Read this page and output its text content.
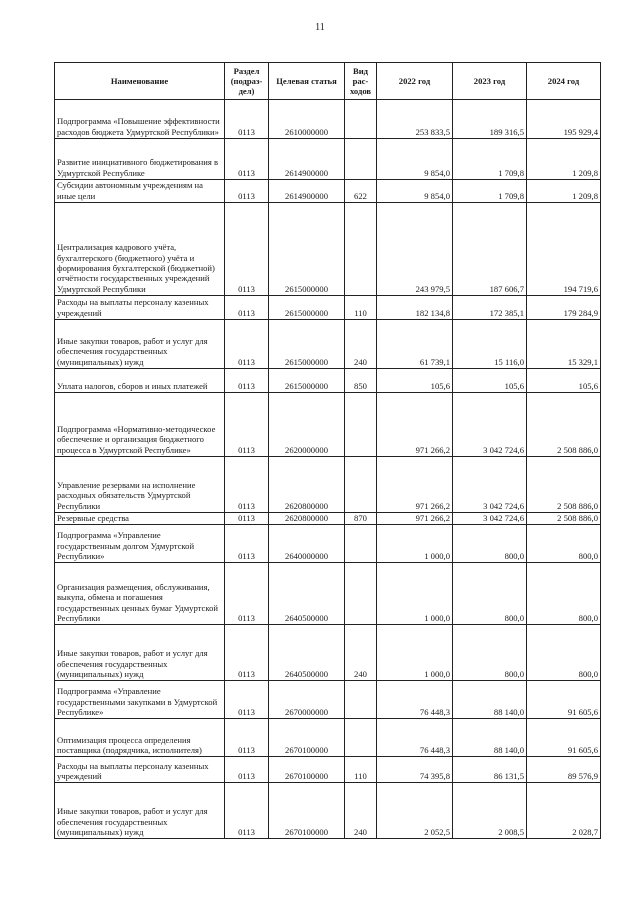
11
Наименование	Раздел (подраз-дел)	Целевая статья	Вид рас-ходов	2022 год	2023 год	2024 год
Подпрограмма «Повышение эффективности расходов бюджета Удмуртской Республики»	0113	2610000000		253 833,5	189 316,5	195 929,4
Развитие инициативного бюджетирования в Удмуртской Республике	0113	2614900000		9 854,0	1 709,8	1 209,8
Субсидии автономным учреждениям на иные цели	0113	2614900000	622	9 854,0	1 709,8	1 209,8
Централизация кадрового учёта, бухгалтерского (бюджетного) учёта и формирования бухгалтерской (бюджетной) отчётности государственных учреждений Удмуртской Республики	0113	2615000000		243 979,5	187 606,7	194 719,6
Расходы на выплаты персоналу казенных учреждений	0113	2615000000	110	182 134,8	172 385,1	179 284,9
Иные закупки товаров, работ и услуг для обеспечения государственных (муниципальных) нужд	0113	2615000000	240	61 739,1	15 116,0	15 329,1
Уплата налогов, сборов и иных платежей	0113	2615000000	850	105,6	105,6	105,6
Подпрограмма «Нормативно-методическое обеспечение и организация бюджетного процесса в Удмуртской Республике»	0113	2620000000		971 266,2	3 042 724,6	2 508 886,0
Управление резервами на исполнение расходных обязательств Удмуртской Республики	0113	2620800000		971 266,2	3 042 724,6	2 508 886,0
Резервные средства	0113	2620800000	870	971 266,2	3 042 724,6	2 508 886,0
Подпрограмма «Управление государственным долгом Удмуртской Республики»	0113	2640000000		1 000,0	800,0	800,0
Организация размещения, обслуживания, выкупа, обмена и погашения государственных ценных бумаг Удмуртской Республики	0113	2640500000		1 000,0	800,0	800,0
Иные закупки товаров, работ и услуг для обеспечения государственных (муниципальных) нужд	0113	2640500000	240	1 000,0	800,0	800,0
Подпрограмма «Управление государственными закупками в Удмуртской Республике»	0113	2670000000		76 448,3	88 140,0	91 605,6
Оптимизация процесса определения поставщика (подрядчика, исполнителя)	0113	2670100000		76 448,3	88 140,0	91 605,6
Расходы на выплаты персоналу казенных учреждений	0113	2670100000	110	74 395,8	86 131,5	89 576,9
Иные закупки товаров, работ и услуг для обеспечения государственных (муниципальных) нужд	0113	2670100000	240	2 052,5	2 008,5	2 028,7
